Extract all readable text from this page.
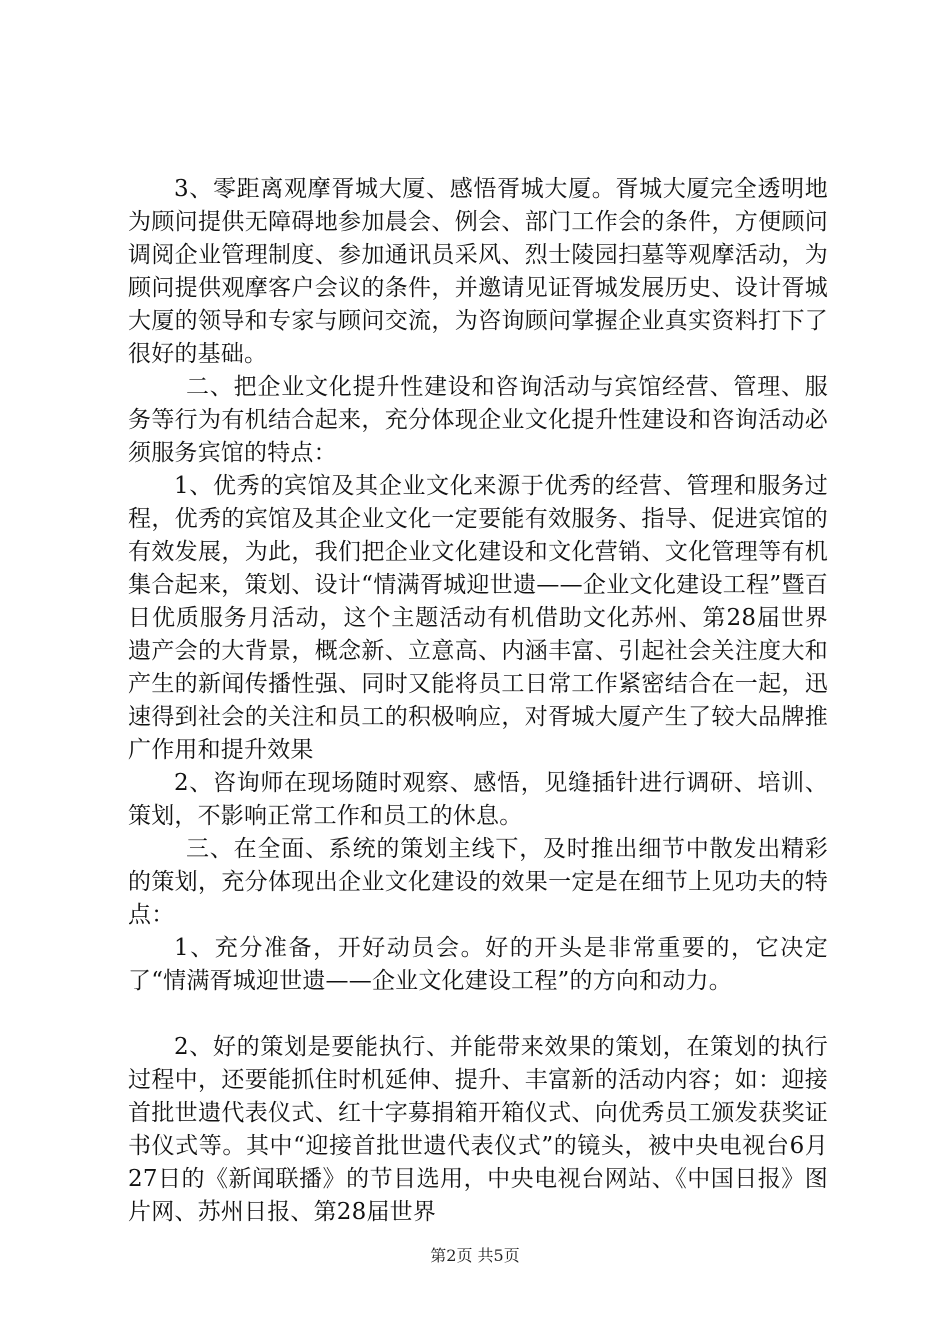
3、零距离观摩胥城大厦、感悟胥城大厦。胥城大厦完全透明地为顾问提供无障碍地参加晨会、例会、部门工作会的条件，方便顾问调阅企业管理制度、参加通讯员采风、烈士陵园扫墓等观摩活动，为顾问提供观摩客户会议的条件，并邀请见证胥城发展历史、设计胥城大厦的领导和专家与顾问交流，为咨询顾问掌握企业真实资料打下了很好的基础。

二、把企业文化提升性建设和咨询活动与宾馆经营、管理、服务等行为有机结合起来，充分体现企业文化提升性建设和咨询活动必须服务宾馆的特点：

1、优秀的宾馆及其企业文化来源于优秀的经营、管理和服务过程，优秀的宾馆及其企业文化一定要能有效服务、指导、促进宾馆的有效发展，为此，我们把企业文化建设和文化营销、文化管理等有机集合起来，策划、设计“情满胥城迎世遗——企业文化建设工程”暨百日优质服务月活动，这个主题活动有机借助文化苏州、第28届世界遗产会的大背景，概念新、立意高、内涵丰富、引起社会关注度大和产生的新闻传播性强、同时又能将员工日常工作紧密结合在一起，迅速得到社会的关注和员工的积极响应，对胥城大厦产生了较大品牌推广作用和提升效果

2、咨询师在现场随时观察、感悟，见缝插针进行调研、培训、策划，不影响正常工作和员工的休息。

三、在全面、系统的策划主线下，及时推出细节中散发出精彩的策划，充分体现出企业文化建设的效果一定是在细节上见功夫的特点：

1、充分准备，开好动员会。好的开头是非常重要的，它决定了“情满胥城迎世遗——企业文化建设工程”的方向和动力。

2、好的策划是要能执行、并能带来效果的策划，在策划的执行过程中，还要能抓住时机延伸、提升、丰富新的活动内容；如：迎接首批世遗代表仪式、红十字募捐箱开箱仪式、向优秀员工颁发获奖证书仪式等。其中“迎接首批世遗代表仪式”的镜头，被中央电视台6月27日的《新闻联播》的节目选用，中央电视台网站、《中国日报》图片网、苏州日报、第28届世界

第2页 共5页
